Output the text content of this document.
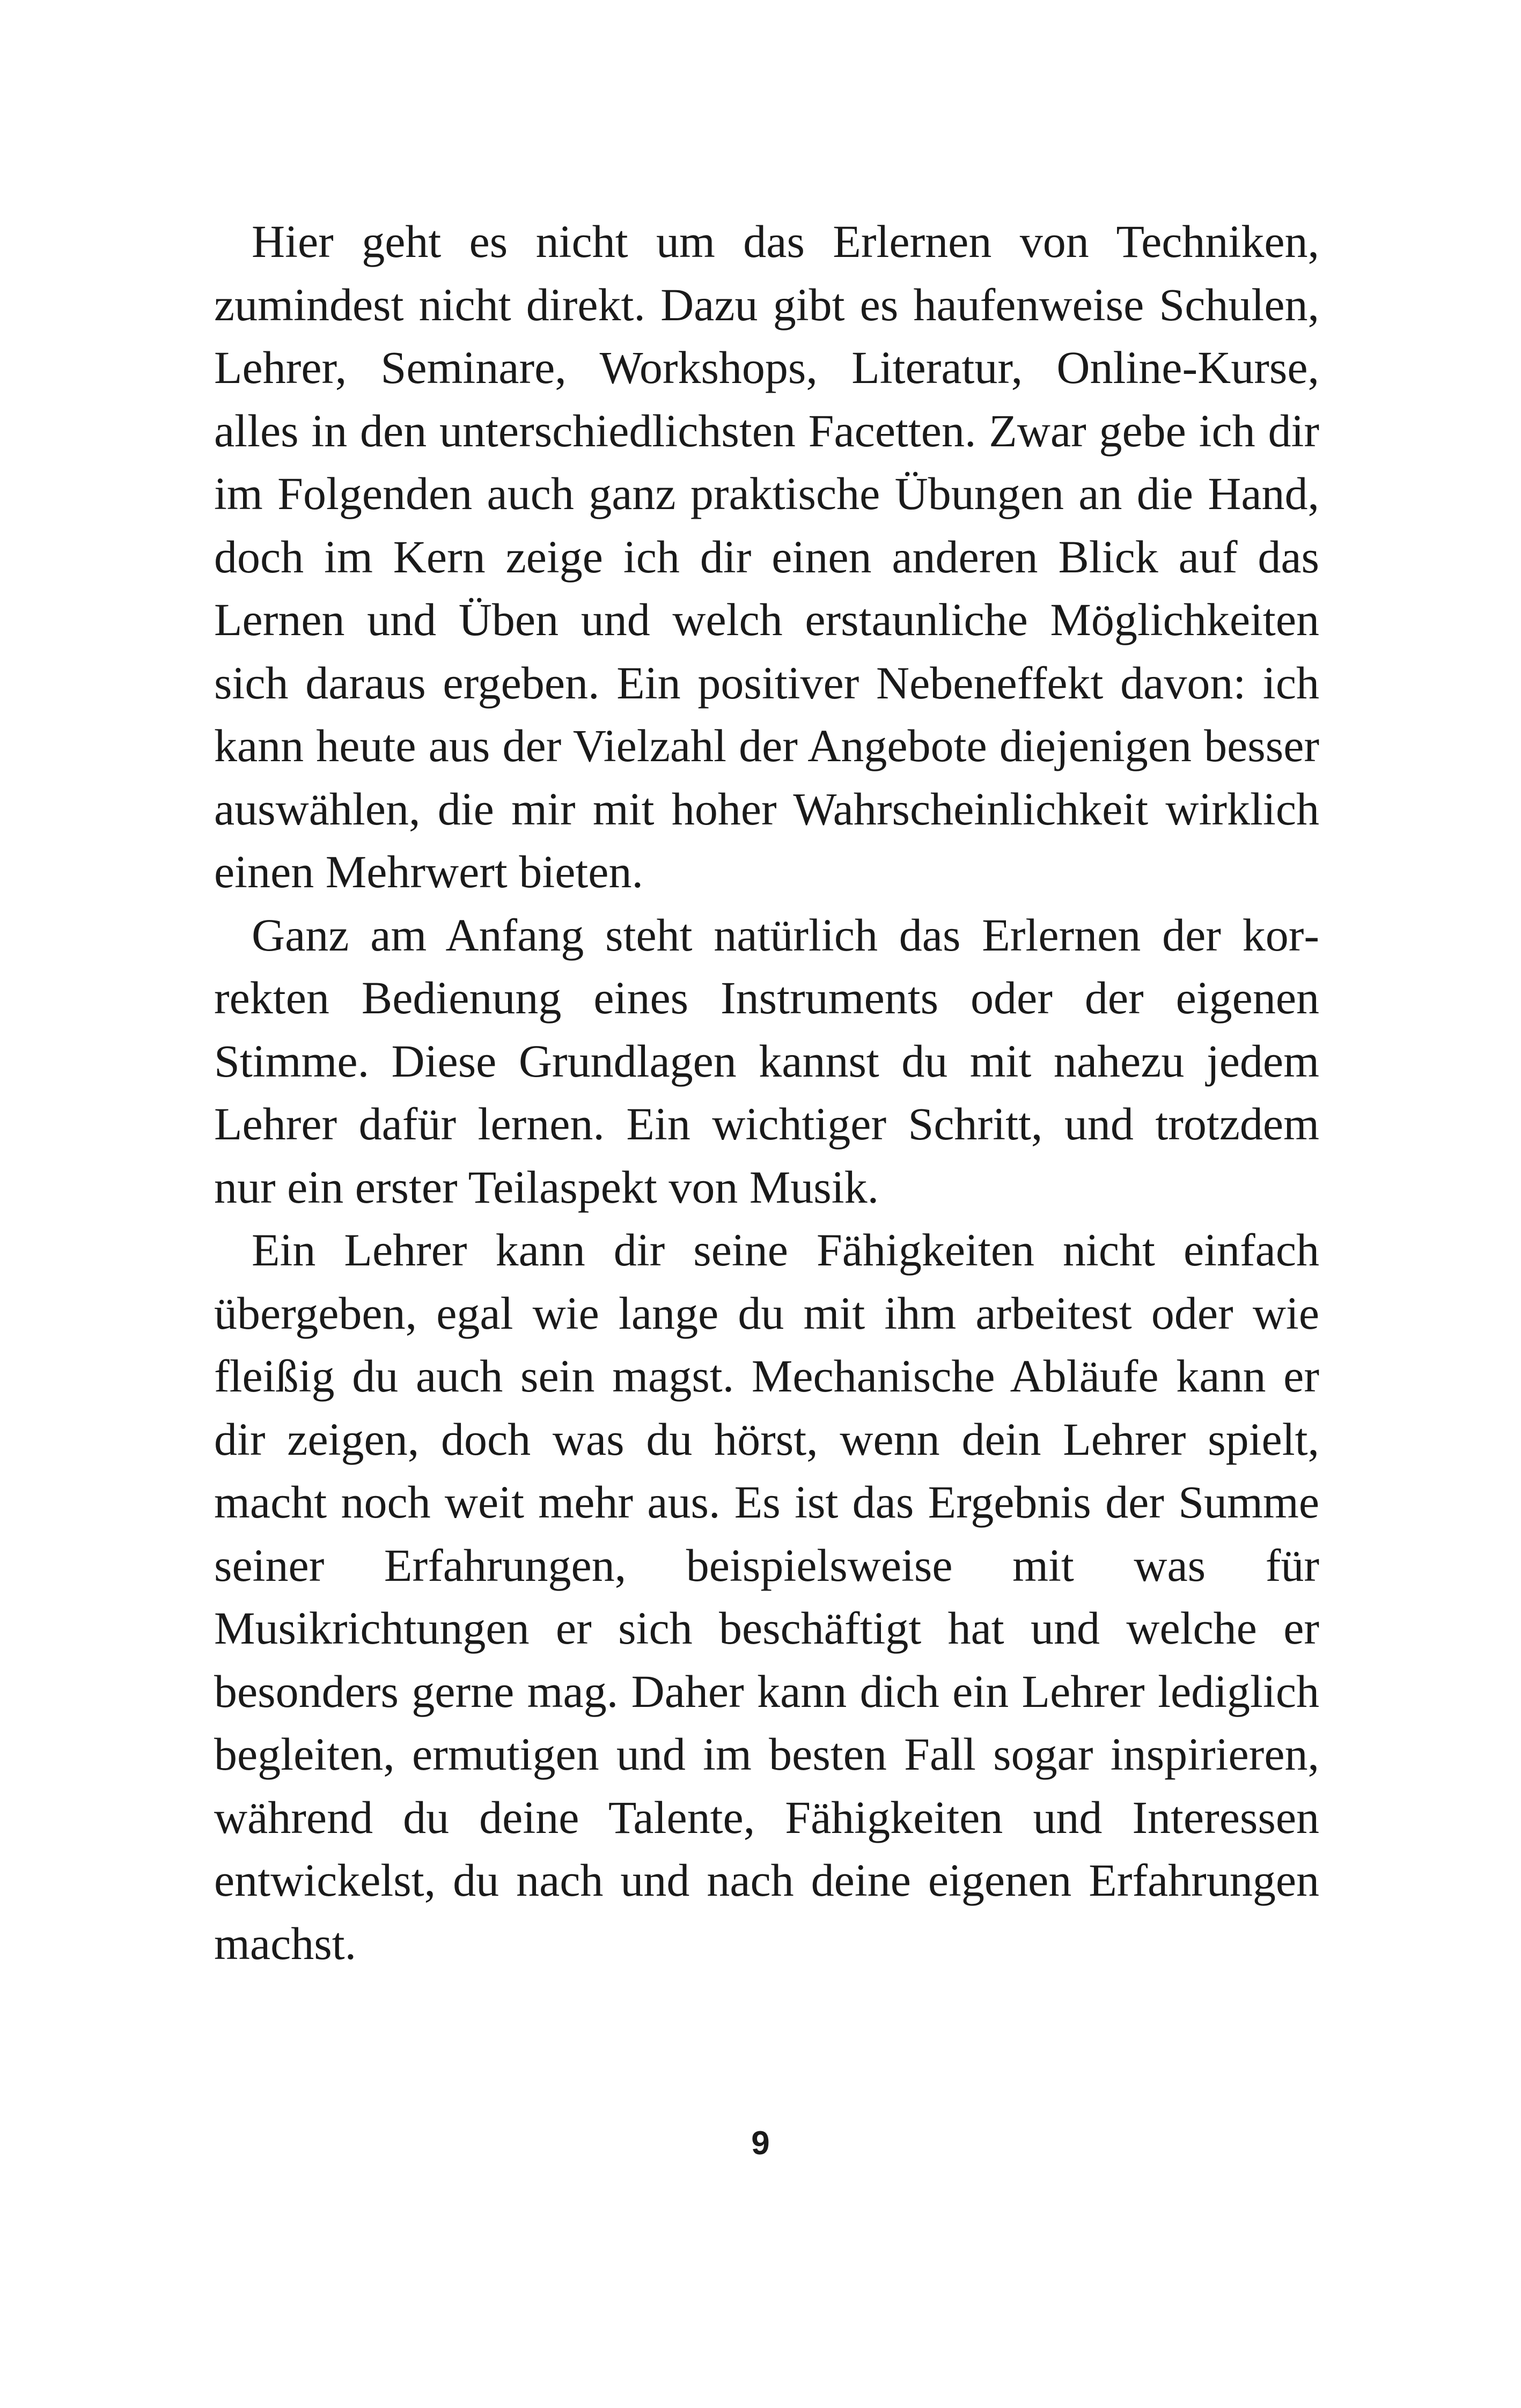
Hier geht es nicht um das Erlernen von Techniken, zumindest nicht direkt. Dazu gibt es haufenweise Schulen, Lehrer, Seminare, Workshops, Literatur, Online-Kurse, alles in den unterschiedlichsten Facetten. Zwar gebe ich dir im Folgenden auch ganz praktische Übungen an die Hand, doch im Kern zeige ich dir einen anderen Blick auf das Lernen und Üben und welch erstaunliche Möglichkeiten sich daraus ergeben. Ein positiver Nebeneffekt davon: ich kann heute aus der Vielzahl der Angebote diejenigen besser auswählen, die mir mit hoher Wahrscheinlichkeit wirklich einen Mehrwert bieten.

Ganz am Anfang steht natürlich das Erlernen der korrekten Bedienung eines Instruments oder der eigenen Stimme. Diese Grundlagen kannst du mit nahezu jedem Lehrer dafür lernen. Ein wichtiger Schritt, und trotzdem nur ein erster Teilaspekt von Musik.

Ein Lehrer kann dir seine Fähigkeiten nicht einfach übergeben, egal wie lange du mit ihm arbeitest oder wie fleißig du auch sein magst. Mechanische Abläufe kann er dir zeigen, doch was du hörst, wenn dein Lehrer spielt, macht noch weit mehr aus. Es ist das Ergebnis der Summe seiner Erfahrungen, beispielsweise mit was für Musikrichtungen er sich beschäftigt hat und welche er besonders gerne mag. Daher kann dich ein Lehrer lediglich begleiten, ermutigen und im besten Fall sogar inspirieren, während du deine Talente, Fähigkeiten und Interessen entwickelst, du nach und nach deine eigenen Erfahrungen machst.

9
